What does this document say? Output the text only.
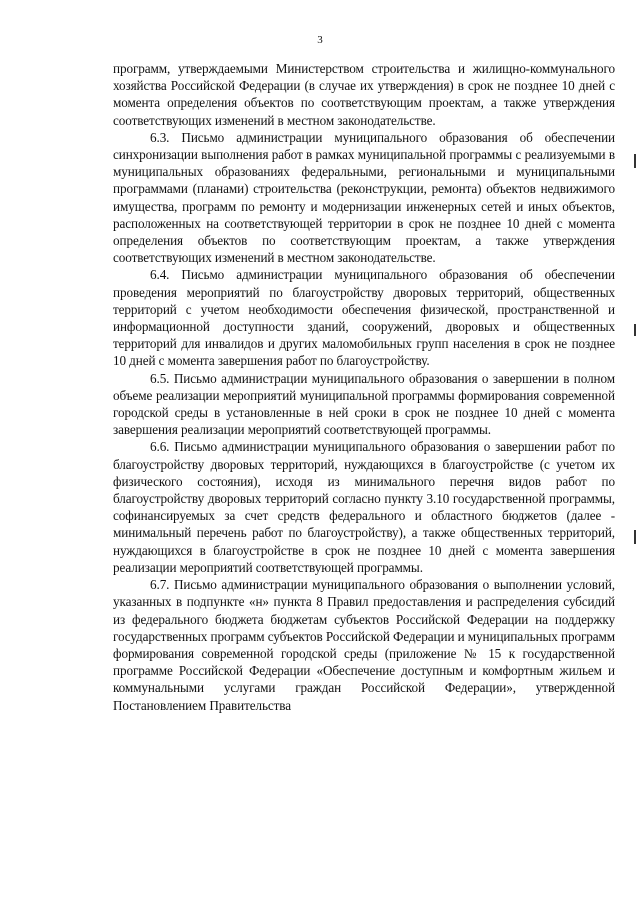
3

программ, утверждаемыми Министерством строительства и жилищно-коммунального хозяйства Российской Федерации (в случае их утверждения) в срок не позднее 10 дней с момента определения объектов по соответствующим проектам, а также утверждения соответствующих изменений в местном законодательстве.

6.3. Письмо администрации муниципального образования об обеспечении синхронизации выполнения работ в рамках муниципальной программы с реализуемыми в муниципальных образованиях федеральными, региональными и муниципальными программами (планами) строительства (реконструкции, ремонта) объектов недвижимого имущества, программ по ремонту и модернизации инженерных сетей и иных объектов, расположенных на соответствующей территории в срок не позднее 10 дней с момента определения объектов по соответствующим проектам, а также утверждения соответствующих изменений в местном законодательстве.

6.4. Письмо администрации муниципального образования об обеспечении проведения мероприятий по благоустройству дворовых территорий, общественных территорий с учетом необходимости обеспечения физической, пространственной и информационной доступности зданий, сооружений, дворовых и общественных территорий для инвалидов и других маломобильных групп населения в срок не позднее 10 дней с момента завершения работ по благоустройству.

6.5. Письмо администрации муниципального образования о завершении в полном объеме реализации мероприятий муниципальной программы формирования современной городской среды в установленные в ней сроки в срок не позднее 10 дней с момента завершения реализации мероприятий соответствующей программы.

6.6. Письмо администрации муниципального образования о завершении работ по благоустройству дворовых территорий, нуждающихся в благоустройстве (с учетом их физического состояния), исходя из минимального перечня видов работ по благоустройству дворовых территорий согласно пункту 3.10 государственной программы, софинансируемых за счет средств федерального и областного бюджетов (далее - минимальный перечень работ по благоустройству), а также общественных территорий, нуждающихся в благоустройстве в срок не позднее 10 дней с момента завершения реализации мероприятий соответствующей программы.

6.7. Письмо администрации муниципального образования о выполнении условий, указанных в подпункте «н» пункта 8 Правил предоставления и распределения субсидий из федерального бюджета бюджетам субъектов Российской Федерации на поддержку государственных программ субъектов Российской Федерации и муниципальных программ формирования современной городской среды (приложение № 15 к государственной программе Российской Федерации «Обеспечение доступным и комфортным жильем и коммунальными услугами граждан Российской Федерации», утвержденной Постановлением Правительства
